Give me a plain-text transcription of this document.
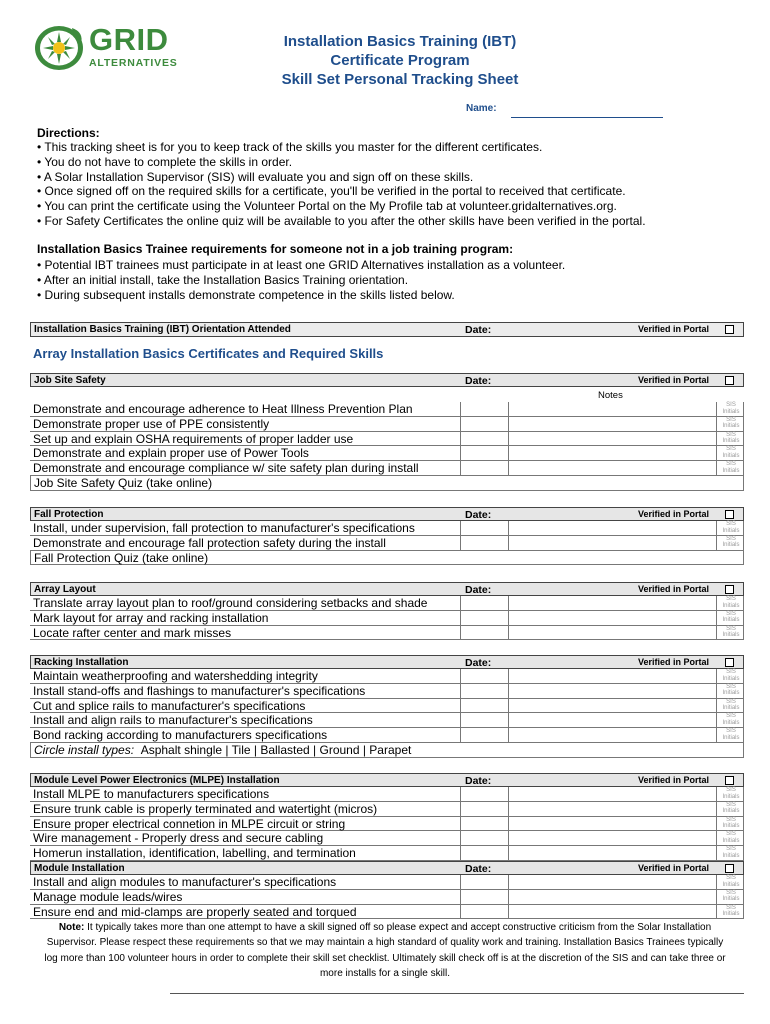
GRID
ALTERNATIVES
Installation Basics Training (IBT)
Certificate Program
Skill Set Personal Tracking Sheet
Name:
Directions:
• This tracking sheet is for you to keep track of the skills you master for the different certificates.
• You do not have to complete the skills in order.
• A Solar Installation Supervisor (SIS) will evaluate you and sign off on these skills.
• Once signed off on the required skills for a certificate, you'll be verified in the portal to received that certificate.
• You can print the certificate using the Volunteer Portal on the My Profile tab at volunteer.gridalternatives.org.
• For Safety Certificates the online quiz will be available to you after the other skills have been verified in the portal.
Installation Basics Trainee requirements for someone not in a job training program:
• Potential IBT trainees must participate in at least one GRID Alternatives installation as a volunteer.
• After an initial install, take the Installation Basics Training orientation.
• During subsequent installs demonstrate competence in the skills listed below.
Installation Basics Training (IBT) Orientation Attended	Date:	Verified in Portal
Array Installation Basics Certificates and Required Skills
Notes
Job Site Safety	Date:	Verified in Portal
Demonstrate and encourage adherence to Heat Illness Prevention Plan	SIS
Initials
Demonstrate proper use of PPE consistently	SIS
Initials
Set up and explain OSHA requirements of proper ladder use	SIS
Initials
Demonstrate and explain proper use of Power Tools	SIS
Initials
Demonstrate and encourage compliance w/ site safety plan during install	SIS
Initials
Job Site Safety Quiz (take online)
Fall Protection	Date:	Verified in Portal
Install, under supervision, fall protection to manufacturer's specifications	SIS
Initials
Demonstrate and encourage fall protection safety during the install	SIS
Initials
Fall Protection Quiz (take online)
Array Layout	Date:	Verified in Portal
Translate array layout plan to roof/ground considering setbacks and shade	SIS
Initials
Mark layout for array and racking installation	SIS
Initials
Locate rafter center and mark misses	SIS
Initials
Racking Installation	Date:	Verified in Portal
Maintain weatherproofing and watershedding integrity	SIS
Initials
Install stand-offs and flashings to manufacturer's specifications	SIS
Initials
Cut and splice rails to manufacturer's specifications	SIS
Initials
Install and align rails to manufacturer's specifications	SIS
Initials
Bond racking according to manufacturers specifications	SIS
Initials
Circle install types: Asphalt shingle | Tile | Ballasted | Ground | Parapet
Module Level Power Electronics (MLPE) Installation	Date:	Verified in Portal
Install MLPE to manufacturers specifications	SIS
Initials
Ensure trunk cable is properly terminated and watertight (micros)	SIS
Initials
Ensure proper electrical connetion in MLPE circuit or string	SIS
Initials
Wire management - Properly dress and secure cabling	SIS
Initials
Homerun installation, identification, labelling, and termination	SIS
Initials
Module Installation	Date:	Verified in Portal
Install and align modules to manufacturer's specifications	SIS
Initials
Manage module leads/wires	SIS
Initials
Ensure end and mid-clamps are properly seated and torqued	SIS
Initials
Note: It typically takes more than one attempt to have a skill signed off so please expect and accept constructive criticism from the Solar Installation Supervisor. Please respect these requirements so that we may maintain a high standard of quality work and training. Installation Basics Trainees typically log more than 100 volunteer hours in order to complete their skill set checklist. Ultimately skill check off is at the discretion of the SIS and can take three or more installs for a single skill.
